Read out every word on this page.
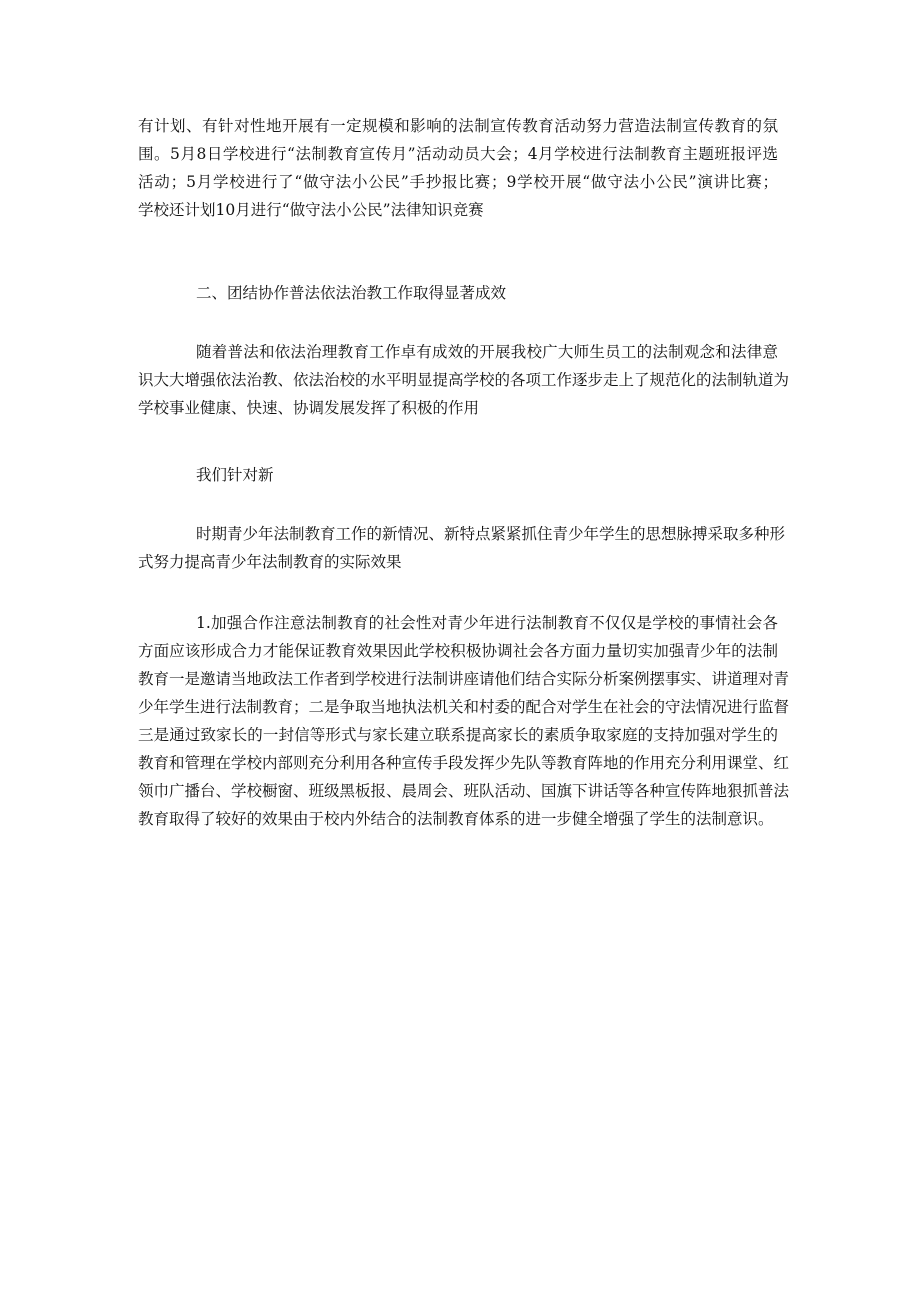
有计划、有针对性地开展有一定规模和影响的法制宣传教育活动努力营造法制宣传教育的氛
围。5月8日学校进行“法制教育宣传月”活动动员大会；4月学校进行法制教育主题班报评选
活动；5月学校进行了“做守法小公民”手抄报比赛；9学校开展“做守法小公民”演讲比赛；
学校还计划10月进行“做守法小公民”法律知识竞赛
二、团结协作普法依法治教工作取得显著成效
随着普法和依法治理教育工作卓有成效的开展我校广大师生员工的法制观念和法律意
识大大增强依法治教、依法治校的水平明显提高学校的各项工作逐步走上了规范化的法制轨道为
学校事业健康、快速、协调发展发挥了积极的作用
我们针对新
时期青少年法制教育工作的新情况、新特点紧紧抓住青少年学生的思想脉搏采取多种形
式努力提高青少年法制教育的实际效果
1.加强合作注意法制教育的社会性对青少年进行法制教育不仅仅是学校的事情社会各
方面应该形成合力才能保证教育效果因此学校积极协调社会各方面力量切实加强青少年的法制
教育一是邀请当地政法工作者到学校进行法制讲座请他们结合实际分析案例摆事实、讲道理对青
少年学生进行法制教育；二是争取当地执法机关和村委的配合对学生在社会的守法情况进行监督
三是通过致家长的一封信等形式与家长建立联系提高家长的素质争取家庭的支持加强对学生的
教育和管理在学校内部则充分利用各种宣传手段发挥少先队等教育阵地的作用充分利用课堂、红
领巾广播台、学校橱窗、班级黑板报、晨周会、班队活动、国旗下讲话等各种宣传阵地狠抓普法
教育取得了较好的效果由于校内外结合的法制教育体系的进一步健全增强了学生的法制意识。
